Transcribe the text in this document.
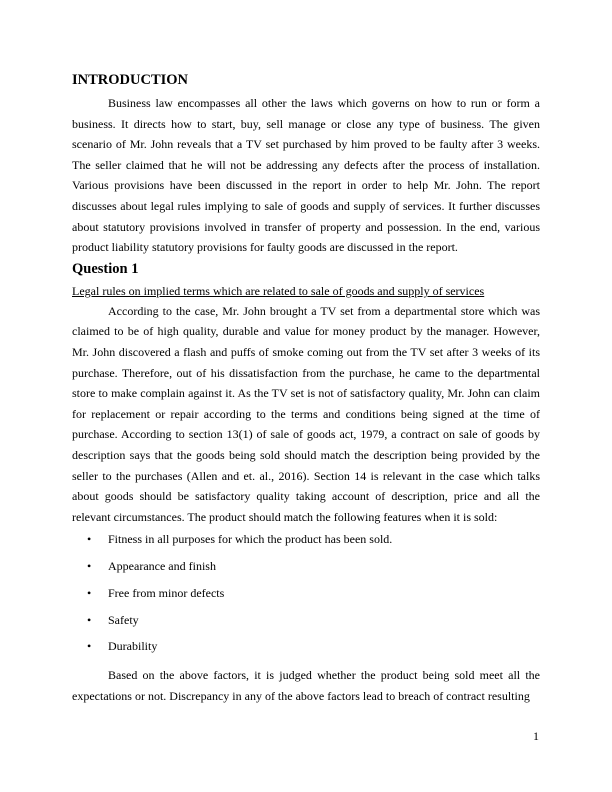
INTRODUCTION

Business law encompasses all other the laws which governs on how to run or form a business. It directs how to start, buy, sell manage or close any type of business. The given scenario of Mr. John reveals that a TV set purchased by him proved to be faulty after 3 weeks. The seller claimed that he will not be addressing any defects after the process of installation. Various provisions have been discussed in the report in order to help Mr. John. The report discusses about legal rules implying to sale of goods and supply of services. It further discusses about statutory provisions involved in transfer of property and possession. In the end, various product liability statutory provisions for faulty goods are discussed in the report.

Question 1
Legal rules on implied terms which are related to sale of goods and supply of services

According to the case, Mr. John brought a TV set from a departmental store which was claimed to be of high quality, durable and value for money product by the manager. However, Mr. John discovered a flash and puffs of smoke coming out from the TV set after 3 weeks of its purchase. Therefore, out of his dissatisfaction from the purchase, he came to the departmental store to make complain against it. As the TV set is not of satisfactory quality, Mr. John can claim for replacement or repair according to the terms and conditions being signed at the time of purchase. According to section 13(1) of sale of goods act, 1979, a contract on sale of goods by description says that the goods being sold should match the description being provided by the seller to the purchases (Allen and et. al., 2016). Section 14 is relevant in the case which talks about goods should be satisfactory quality taking account of description, price and all the relevant circumstances. The product should match the following features when it is sold:

• Fitness in all purposes for which the product has been sold.
• Appearance and finish
• Free from minor defects
• Safety
• Durability

Based on the above factors, it is judged whether the product being sold meet all the expectations or not. Discrepancy in any of the above factors lead to breach of contract resulting

1
